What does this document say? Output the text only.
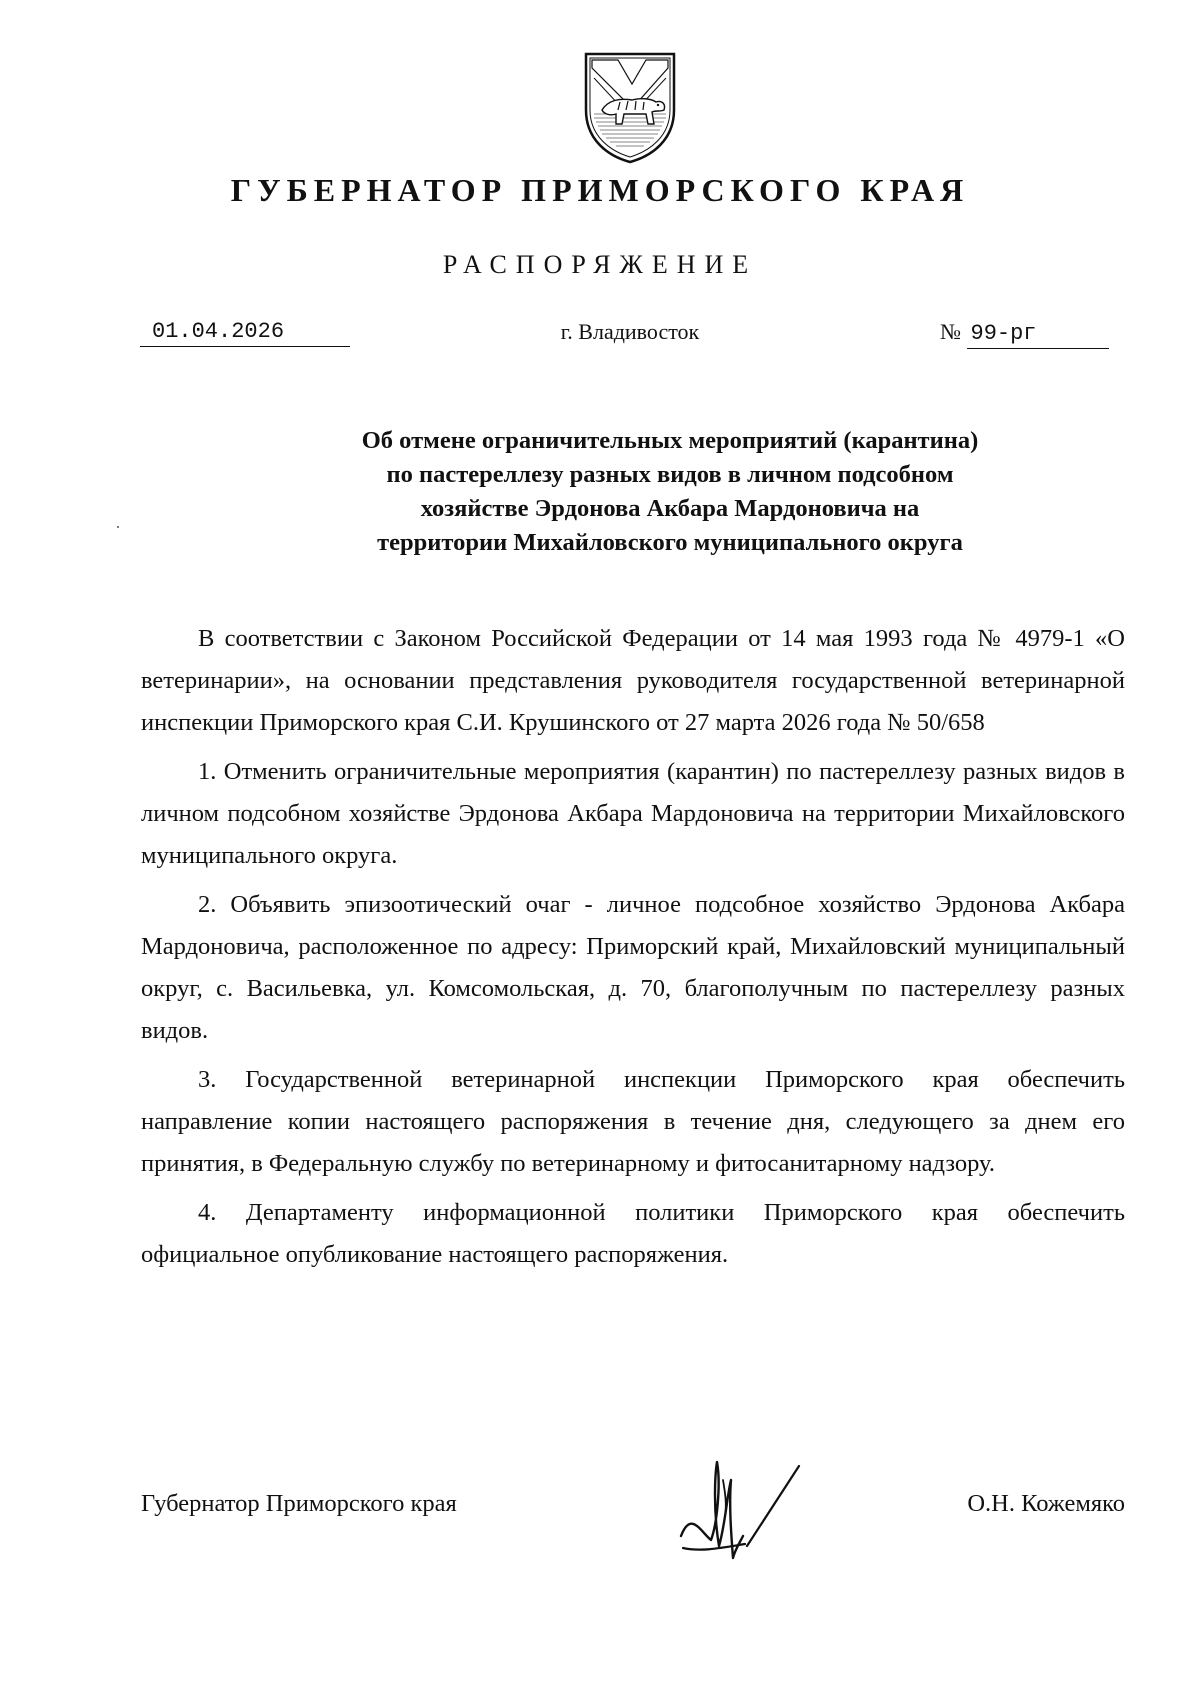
ГУБЕРНАТОР ПРИМОРСКОГО КРАЯ
РАСПОРЯЖЕНИЕ
01.04.2026	г. Владивосток	№ 99-рг
Об отмене ограничительных мероприятий (карантина)
по пастереллезу разных видов в личном подсобном
хозяйстве Эрдонова Акбара Мардоновича на
территории Михайловского муниципального округа

В соответствии с Законом Российской Федерации от 14 мая 1993 года № 4979-1 «О ветеринарии», на основании представления руководителя государственной ветеринарной инспекции Приморского края С.И. Крушинского от 27 марта 2026 года № 50/658

1. Отменить ограничительные мероприятия (карантин) по пастереллезу разных видов в личном подсобном хозяйстве Эрдонова Акбара Мардоновича на территории Михайловского муниципального округа.

2. Объявить эпизоотический очаг - личное подсобное хозяйство Эрдонова Акбара Мардоновича, расположенное по адресу: Приморский край, Михайловский муниципальный округ, с. Васильевка, ул. Комсомольская, д. 70, благополучным по пастереллезу разных видов.

3. Государственной ветеринарной инспекции Приморского края обеспечить направление копии настоящего распоряжения в течение дня, следующего за днем его принятия, в Федеральную службу по ветеринарному и фитосанитарному надзору.

4. Департаменту информационной политики Приморского края обеспечить официальное опубликование настоящего распоряжения.

Губернатор Приморского края	О.Н. Кожемяко
